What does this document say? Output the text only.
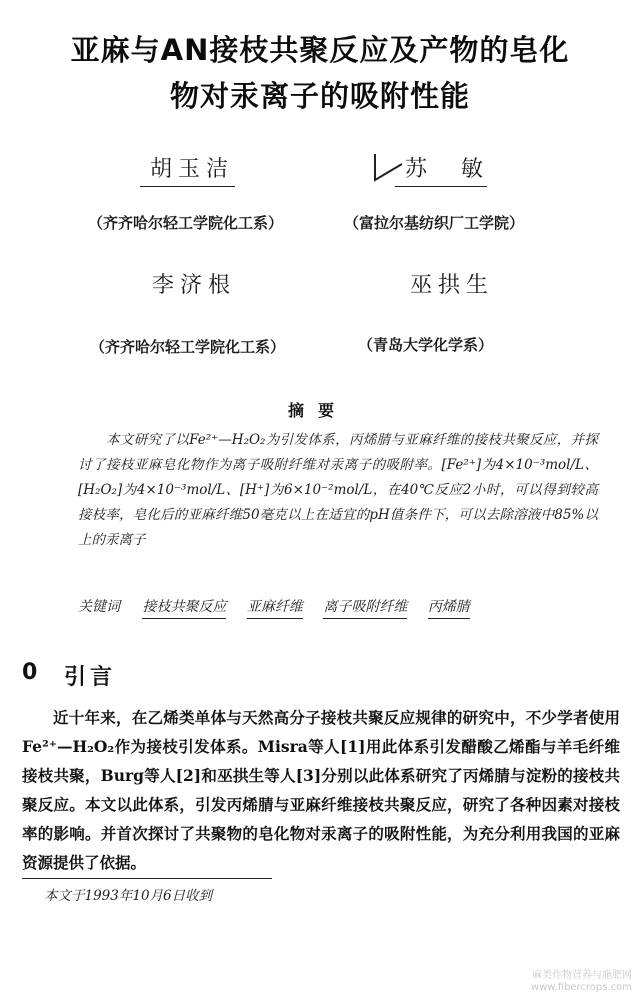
亚麻与AN接枝共聚反应及产物的皂化
物对汞离子的吸附性能
胡玉洁	苏　敏
（齐齐哈尔轻工学院化工系）	（富拉尔基纺织厂工学院）
李济根	巫拱生
（齐齐哈尔轻工学院化工系）	（青岛大学化学系）
摘要
本文研究了以Fe²⁺—H₂O₂为引发体系，丙烯腈与亚麻纤维的接枝共聚反应，并探讨了接枝亚麻皂化物作为离子吸附纤维对汞离子的吸附率。[Fe²⁺]为4×10⁻³mol/L、[H₂O₂]为4×10⁻³mol/L、[H⁺]为6×10⁻²mol/L，在40℃反应2小时，可以得到较高接枝率，皂化后的亚麻纤维50毫克以上在适宜的pH值条件下，可以去除溶液中85%以上的汞离子
关键词 接枝共聚反应 亚麻纤维 离子吸附纤维 丙烯腈
0 引言

近十年来，在乙烯类单体与天然高分子接枝共聚反应规律的研究中，不少学者使用Fe²⁺—H₂O₂作为接枝引发体系。Misra等人[1]用此体系引发醋酸乙烯酯与羊毛纤维接枝共聚，Burg等人[2]和巫拱生等人[3]分别以此体系研究了丙烯腈与淀粉的接枝共聚反应。本文以此体系，引发丙烯腈与亚麻纤维接枝共聚反应，研究了各种因素对接枝率的影响。并首次探讨了共聚物的皂化物对汞离子的吸附性能，为充分利用我国的亚麻资源提供了依据。

本文于1993年10月6日收到
麻类作物营养与施肥网
www.fibercrops.com
